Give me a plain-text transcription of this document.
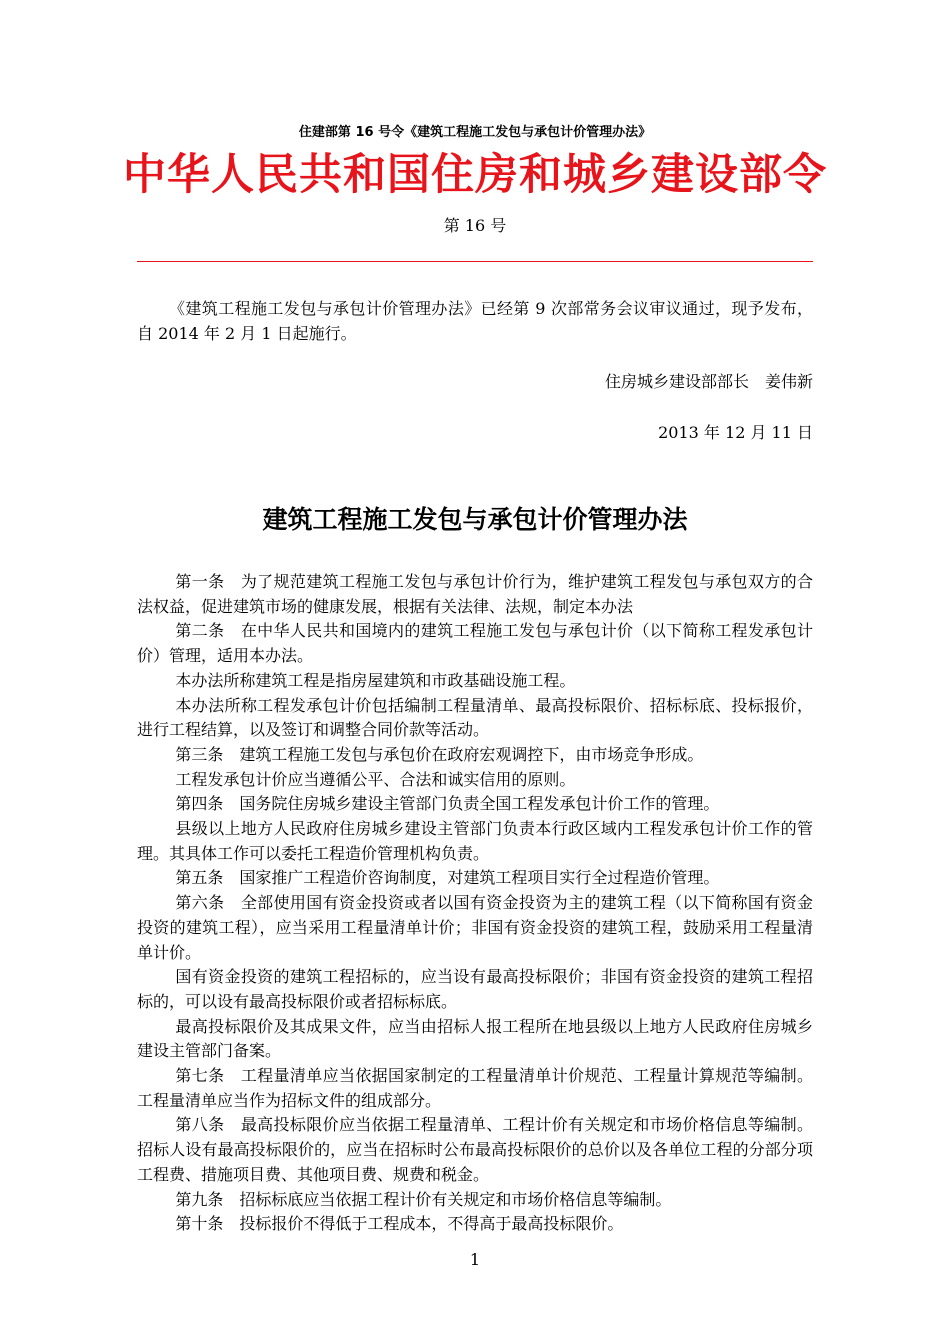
住建部第 16 号令《建筑工程施工发包与承包计价管理办法》
中华人民共和国住房和城乡建设部令
第 16 号

《建筑工程施工发包与承包计价管理办法》已经第 9 次部常务会议审议通过，现予发布，自 2014 年 2 月 1 日起施行。

住房城乡建设部部长　姜伟新
2013 年 12 月 11 日
建筑工程施工发包与承包计价管理办法

第一条　为了规范建筑工程施工发包与承包计价行为，维护建筑工程发包与承包双方的合法权益，促进建筑市场的健康发展，根据有关法律、法规，制定本办法

第二条　在中华人民共和国境内的建筑工程施工发包与承包计价（以下简称工程发承包计价）管理，适用本办法。

本办法所称建筑工程是指房屋建筑和市政基础设施工程。

本办法所称工程发承包计价包括编制工程量清单、最高投标限价、招标标底、投标报价，进行工程结算，以及签订和调整合同价款等活动。

第三条　建筑工程施工发包与承包价在政府宏观调控下，由市场竞争形成。

工程发承包计价应当遵循公平、合法和诚实信用的原则。

第四条　国务院住房城乡建设主管部门负责全国工程发承包计价工作的管理。

县级以上地方人民政府住房城乡建设主管部门负责本行政区域内工程发承包计价工作的管理。其具体工作可以委托工程造价管理机构负责。

第五条　国家推广工程造价咨询制度，对建筑工程项目实行全过程造价管理。

第六条　全部使用国有资金投资或者以国有资金投资为主的建筑工程（以下简称国有资金投资的建筑工程），应当采用工程量清单计价；非国有资金投资的建筑工程，鼓励采用工程量清单计价。

国有资金投资的建筑工程招标的，应当设有最高投标限价；非国有资金投资的建筑工程招标的，可以设有最高投标限价或者招标标底。

最高投标限价及其成果文件，应当由招标人报工程所在地县级以上地方人民政府住房城乡建设主管部门备案。

第七条　工程量清单应当依据国家制定的工程量清单计价规范、工程量计算规范等编制。工程量清单应当作为招标文件的组成部分。

第八条　最高投标限价应当依据工程量清单、工程计价有关规定和市场价格信息等编制。招标人设有最高投标限价的，应当在招标时公布最高投标限价的总价以及各单位工程的分部分项工程费、措施项目费、其他项目费、规费和税金。

第九条　招标标底应当依据工程计价有关规定和市场价格信息等编制。

第十条　投标报价不得低于工程成本，不得高于最高投标限价。

1
